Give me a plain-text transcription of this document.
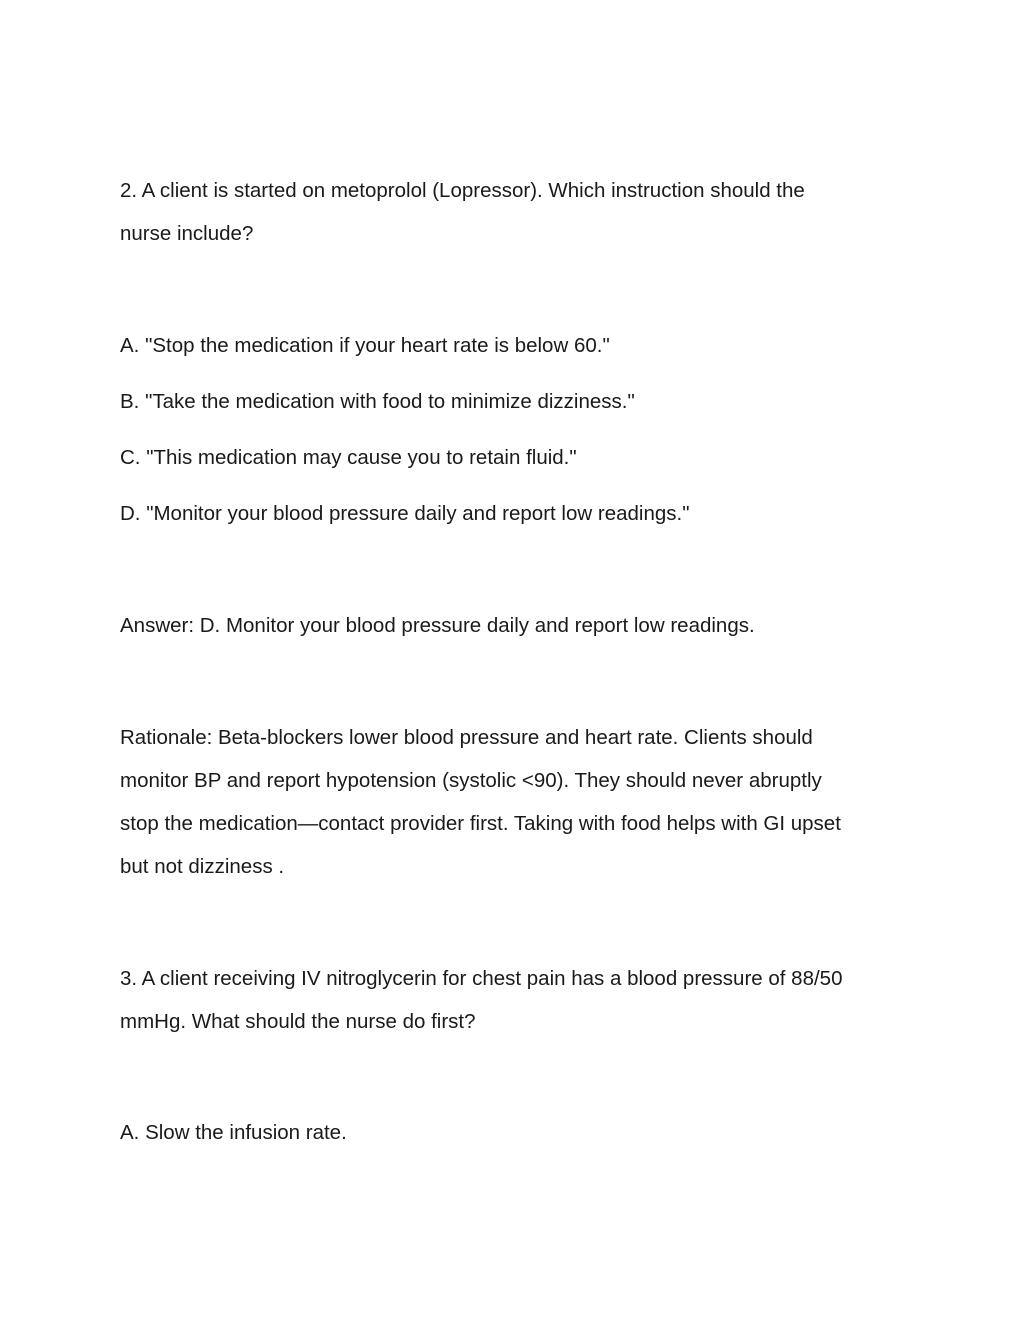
2. A client is started on metoprolol (Lopressor). Which instruction should the
nurse include?

A. "Stop the medication if your heart rate is below 60."

B. "Take the medication with food to minimize dizziness."

C. "This medication may cause you to retain fluid."

D. "Monitor your blood pressure daily and report low readings."

Answer: D. Monitor your blood pressure daily and report low readings.

Rationale: Beta-blockers lower blood pressure and heart rate. Clients should
monitor BP and report hypotension (systolic <90). They should never abruptly
stop the medication—contact provider first. Taking with food helps with GI upset
but not dizziness .

3. A client receiving IV nitroglycerin for chest pain has a blood pressure of 88/50
mmHg. What should the nurse do first?

A. Slow the infusion rate.
